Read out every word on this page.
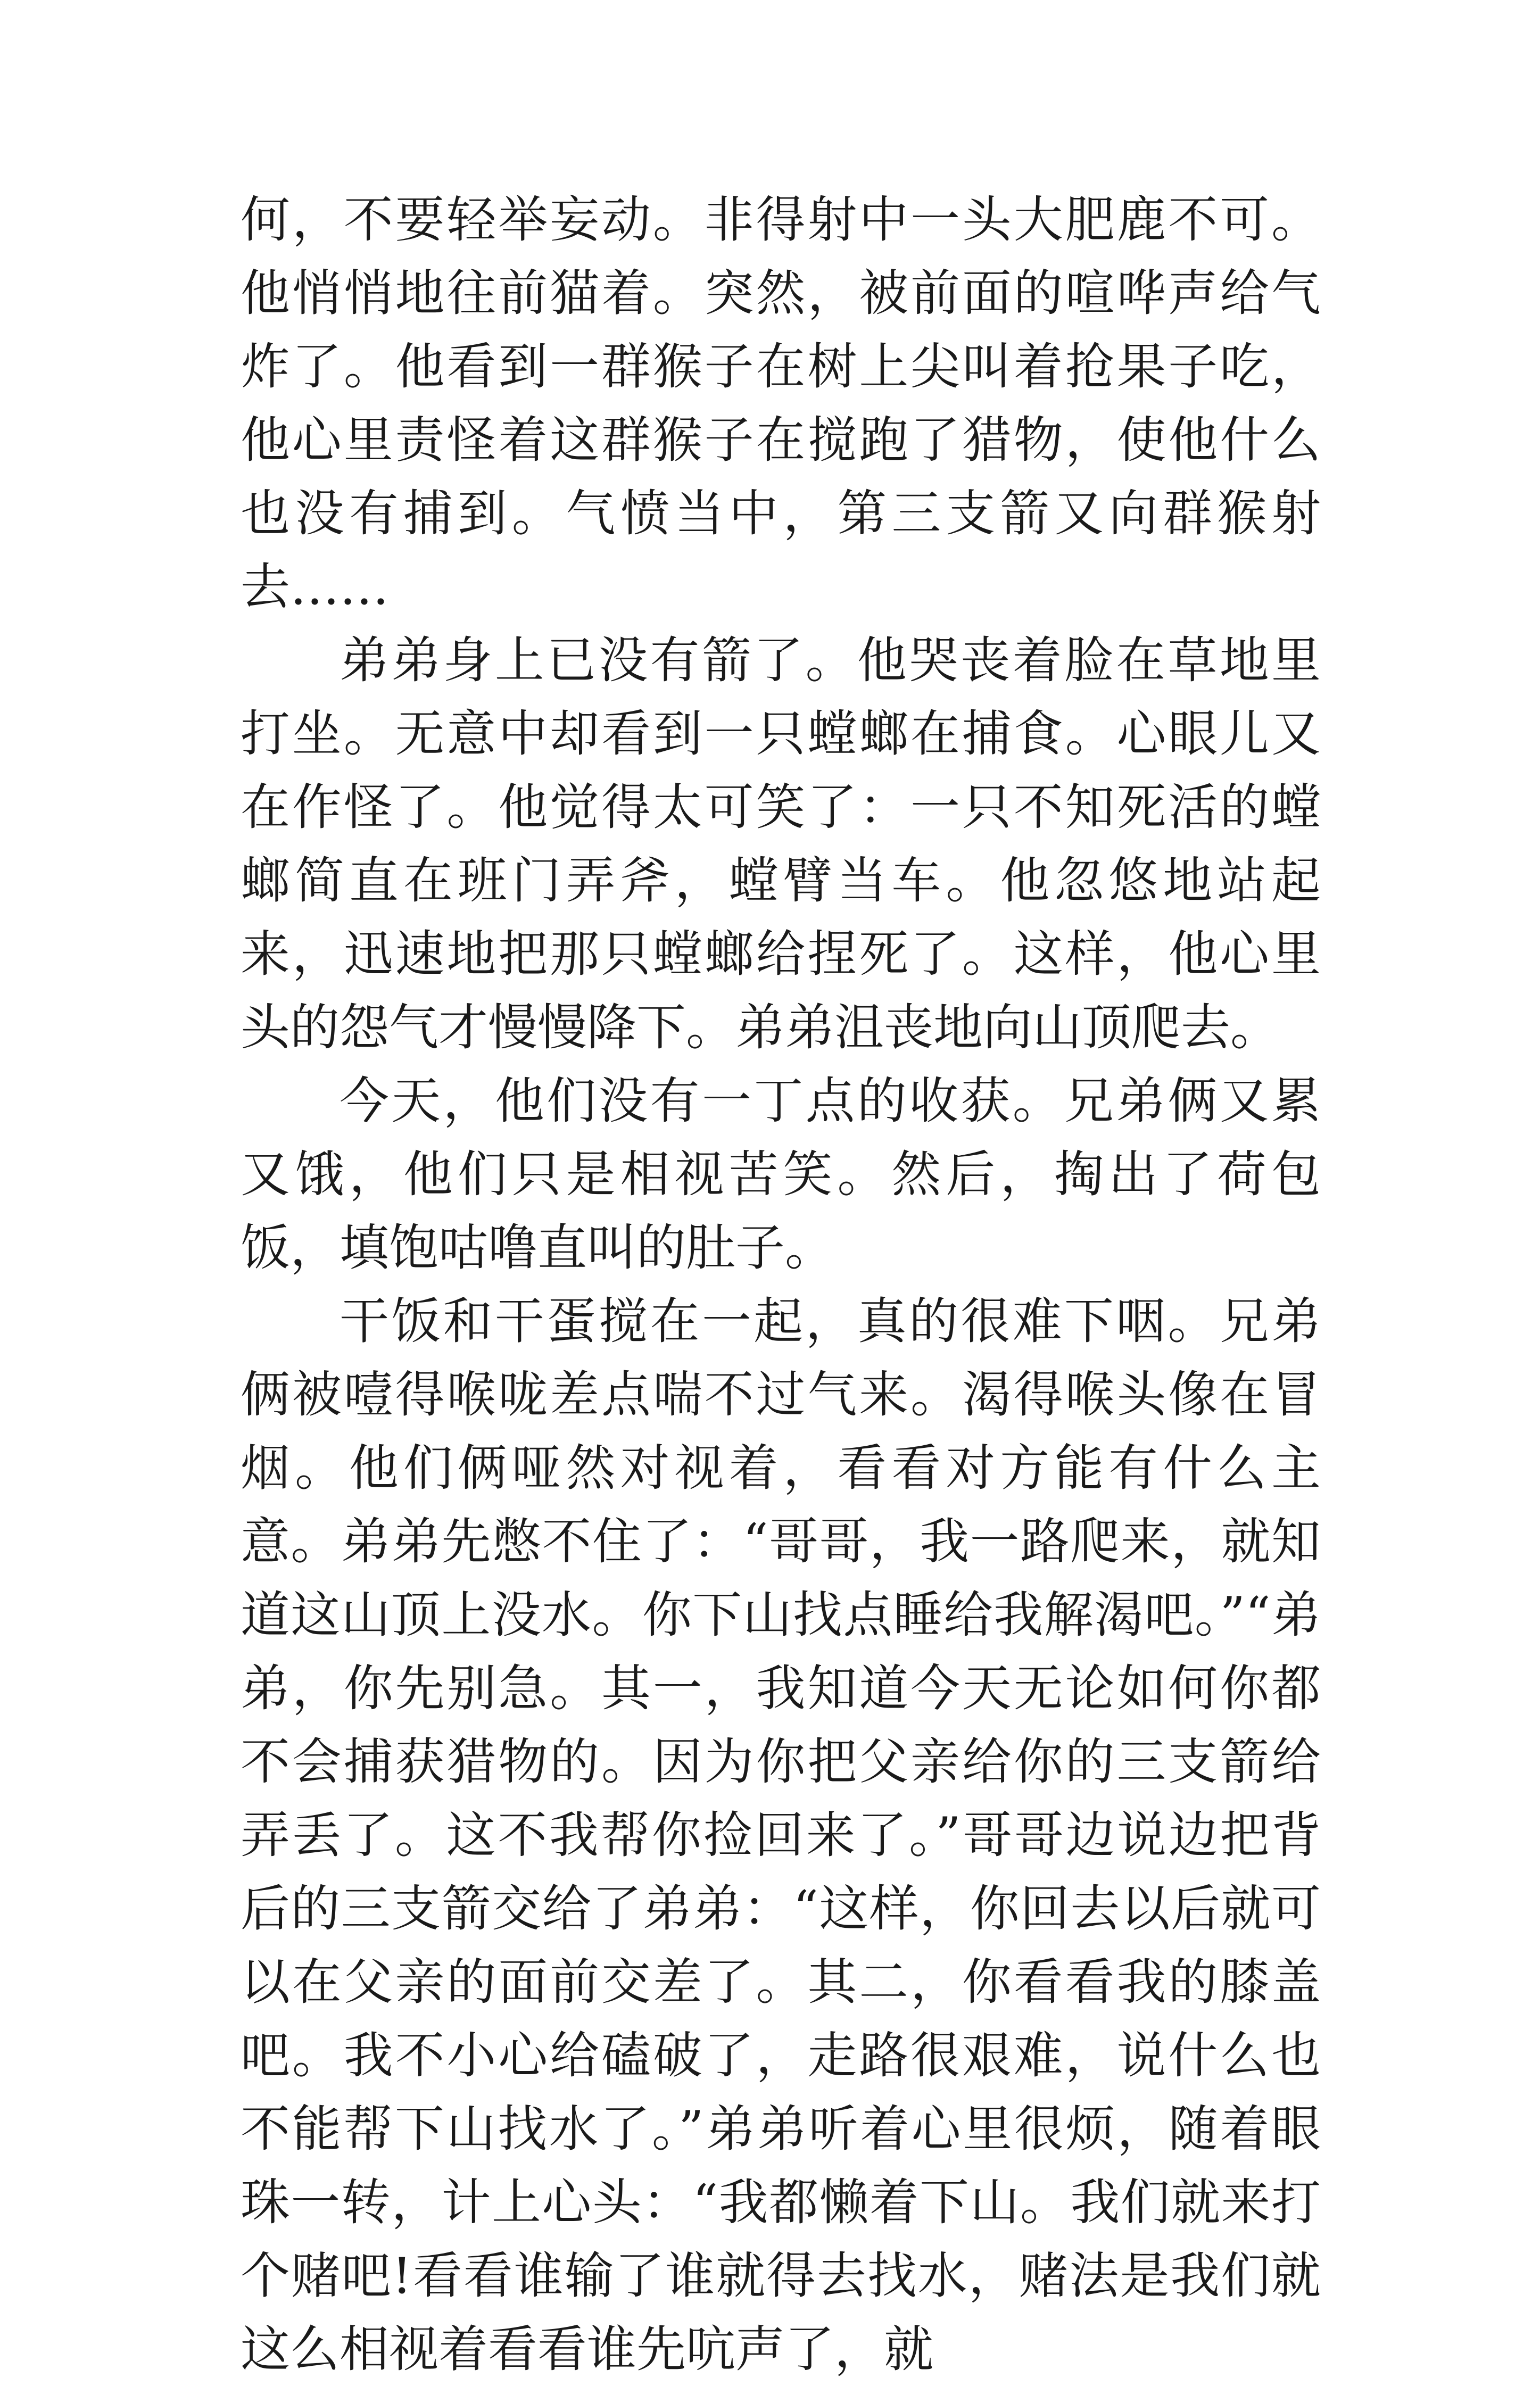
何，不要轻举妄动。非得射中一头大肥鹿不可。他悄悄地往前猫着。突然，被前面的喧哗声给气炸了。他看到一群猴子在树上尖叫着抢果子吃，他心里责怪着这群猴子在搅跑了猎物，使他什么也没有捕到。气愤当中，第三支箭又向群猴射去……

弟弟身上已没有箭了。他哭丧着脸在草地里打坐。无意中却看到一只螳螂在捕食。心眼儿又在作怪了。他觉得太可笑了：一只不知死活的螳螂简直在班门弄斧，螳臂当车。他忽悠地站起来，迅速地把那只螳螂给捏死了。这样，他心里头的怨气才慢慢降下。弟弟沮丧地向山顶爬去。

今天，他们没有一丁点的收获。兄弟俩又累又饿，他们只是相视苦笑。然后，掏出了荷包饭，填饱咕噜直叫的肚子。

干饭和干蛋搅在一起，真的很难下咽。兄弟俩被噎得喉咙差点喘不过气来。渴得喉头像在冒烟。他们俩哑然对视着，看看对方能有什么主意。弟弟先憋不住了：“哥哥，我一路爬来，就知道这山顶上没水。你下山找点睡给我解渴吧。”“弟弟，你先别急。其一，我知道今天无论如何你都不会捕获猎物的。因为你把父亲给你的三支箭给弄丢了。这不我帮你捡回来了。”哥哥边说边把背后的三支箭交给了弟弟：“这样，你回去以后就可以在父亲的面前交差了。其二，你看看我的膝盖吧。我不小心给磕破了，走路很艰难，说什么也不能帮下山找水了。”弟弟听着心里很烦，随着眼珠一转，计上心头：“我都懒着下山。我们就来打个赌吧!看看谁输了谁就得去找水，赌法是我们就这么相视着看看谁先吭声了，就
